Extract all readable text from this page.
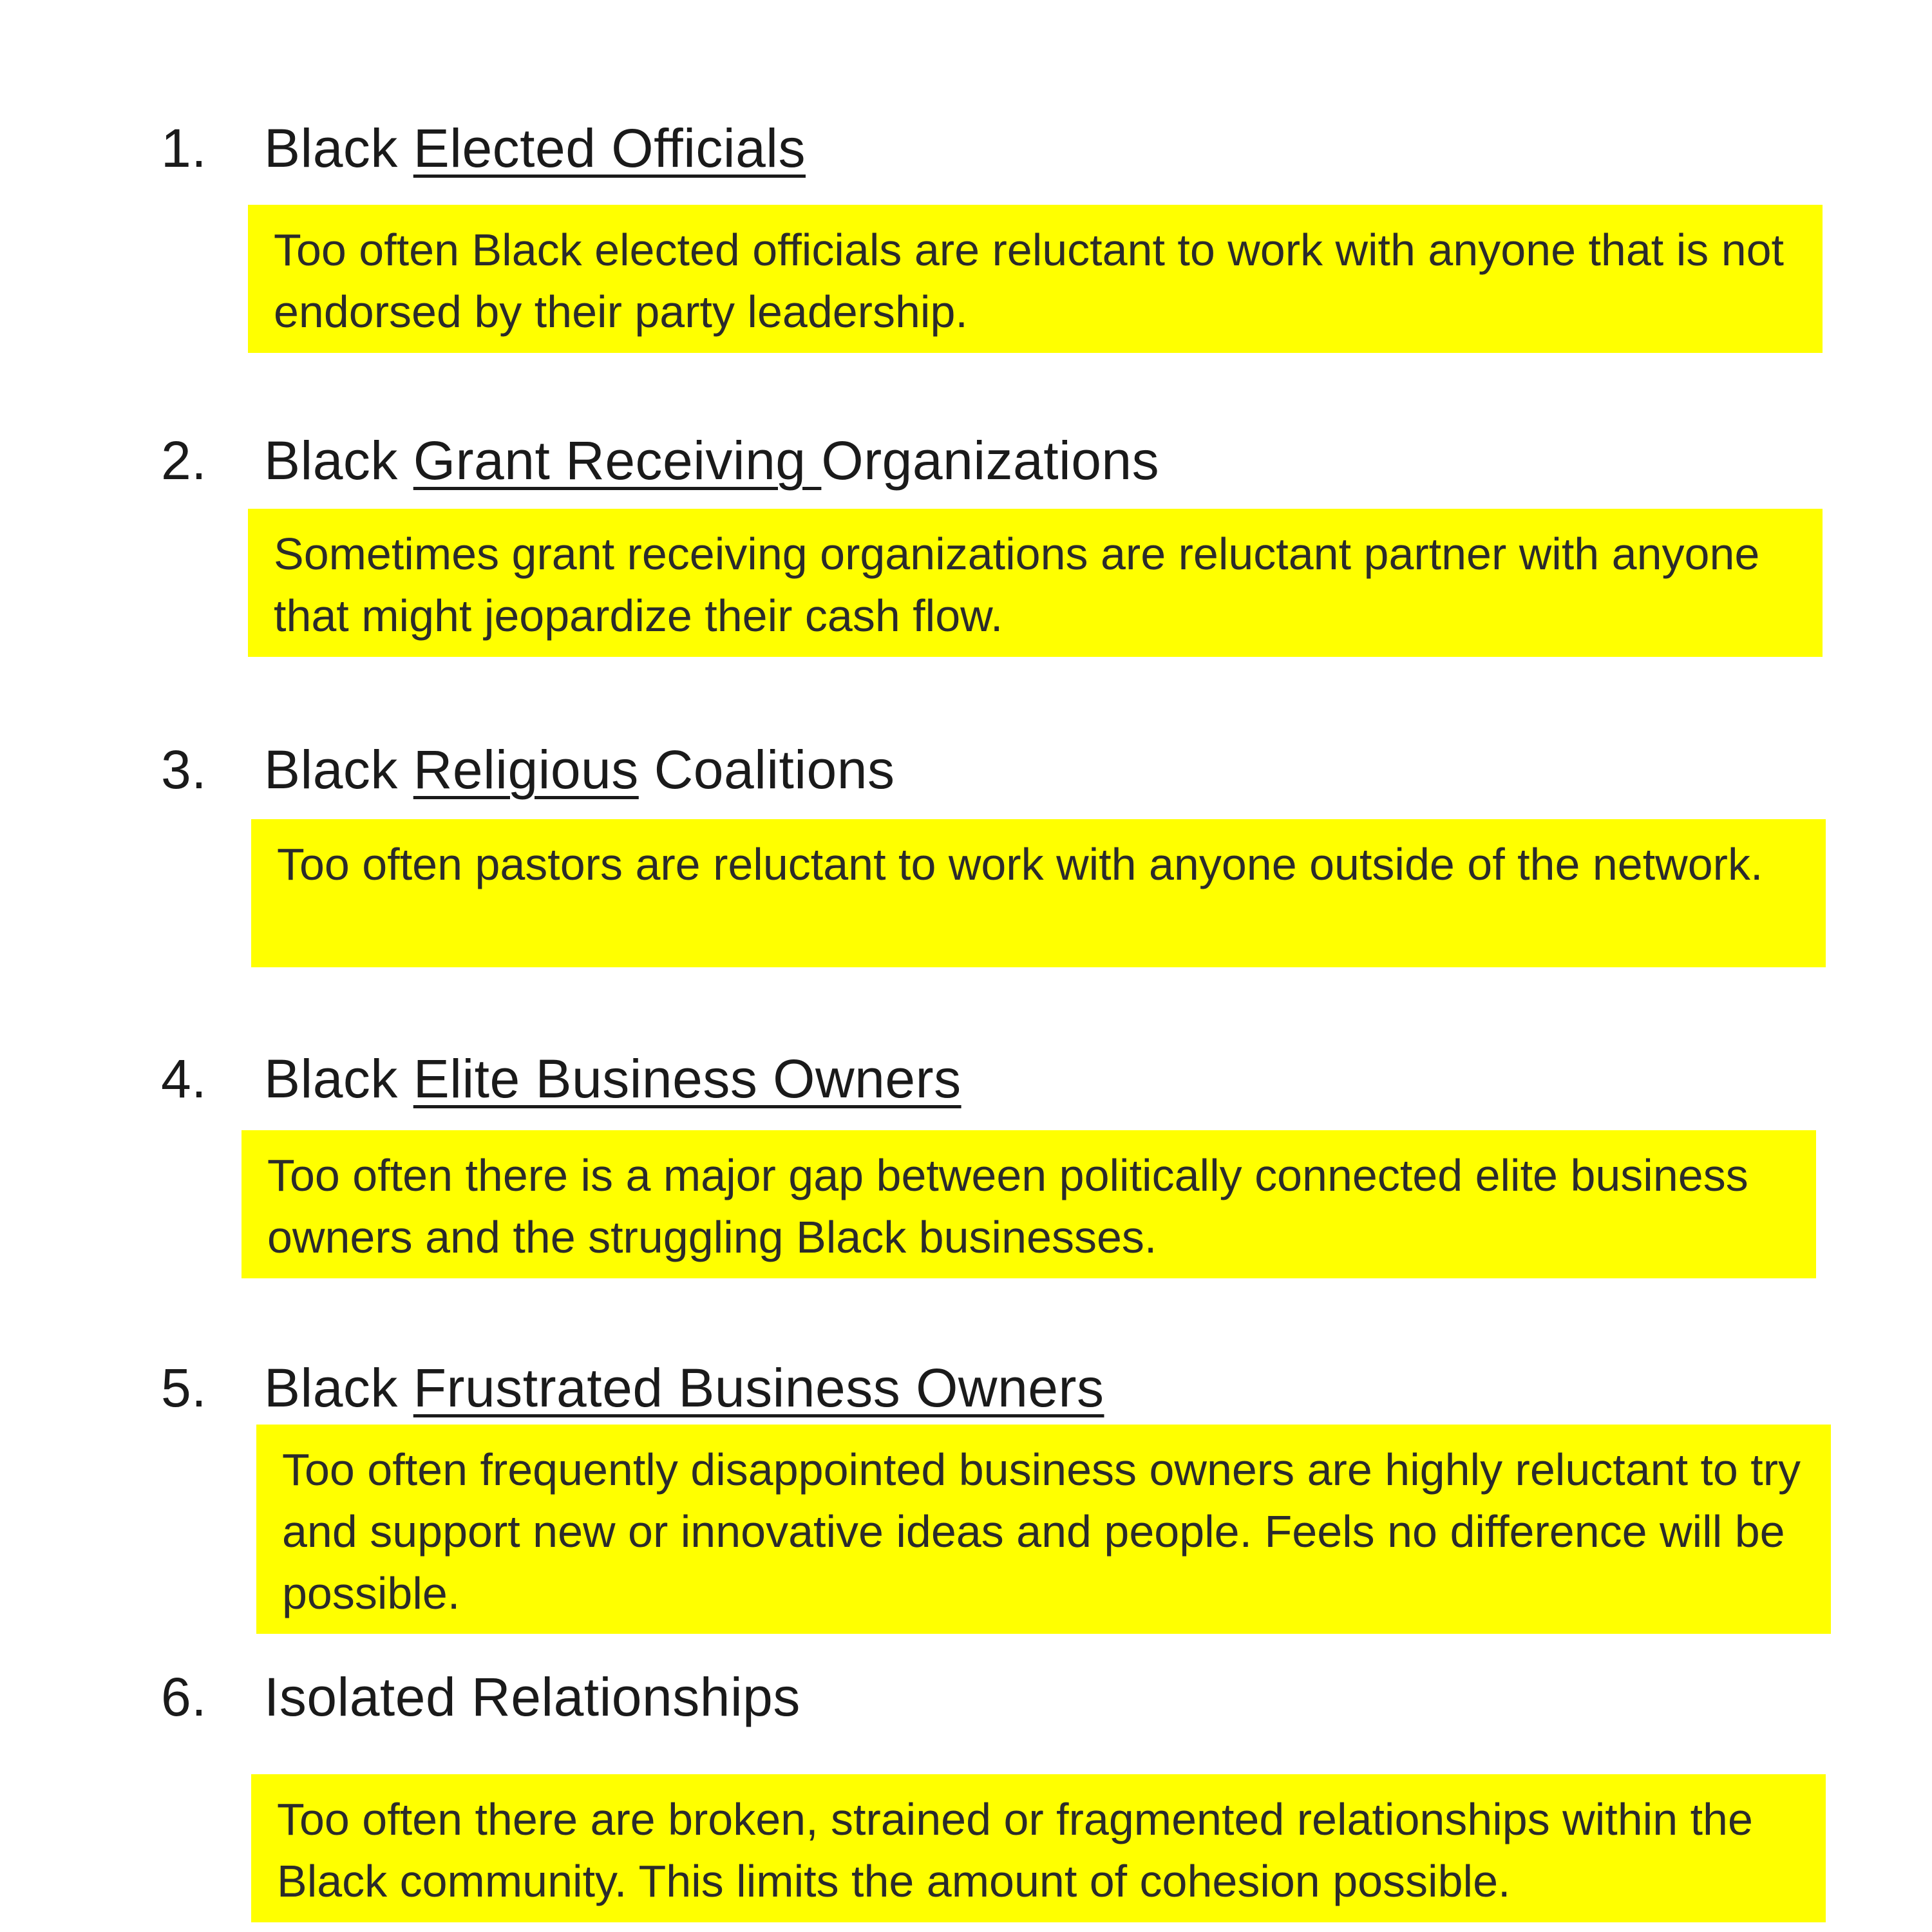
1. Black Elected Officials
Too often Black elected officials are reluctant to work with anyone that is not endorsed by their party leadership.
2. Black Grant Receiving Organizations
Sometimes grant receiving organizations are reluctant partner with anyone that might jeopardize their cash flow.
3. Black Religious Coalitions
Too often pastors are reluctant to work with anyone outside of the network.
4. Black Elite Business Owners
Too often there is a major gap between politically connected elite business owners and the struggling Black businesses.
5. Black Frustrated Business Owners
Too often frequently disappointed business owners are highly reluctant to try and support new or innovative ideas and people. Feels no difference will be possible.
6. Isolated Relationships
Too often there are broken, strained or fragmented relationships within the Black community. This limits the amount of cohesion possible.
